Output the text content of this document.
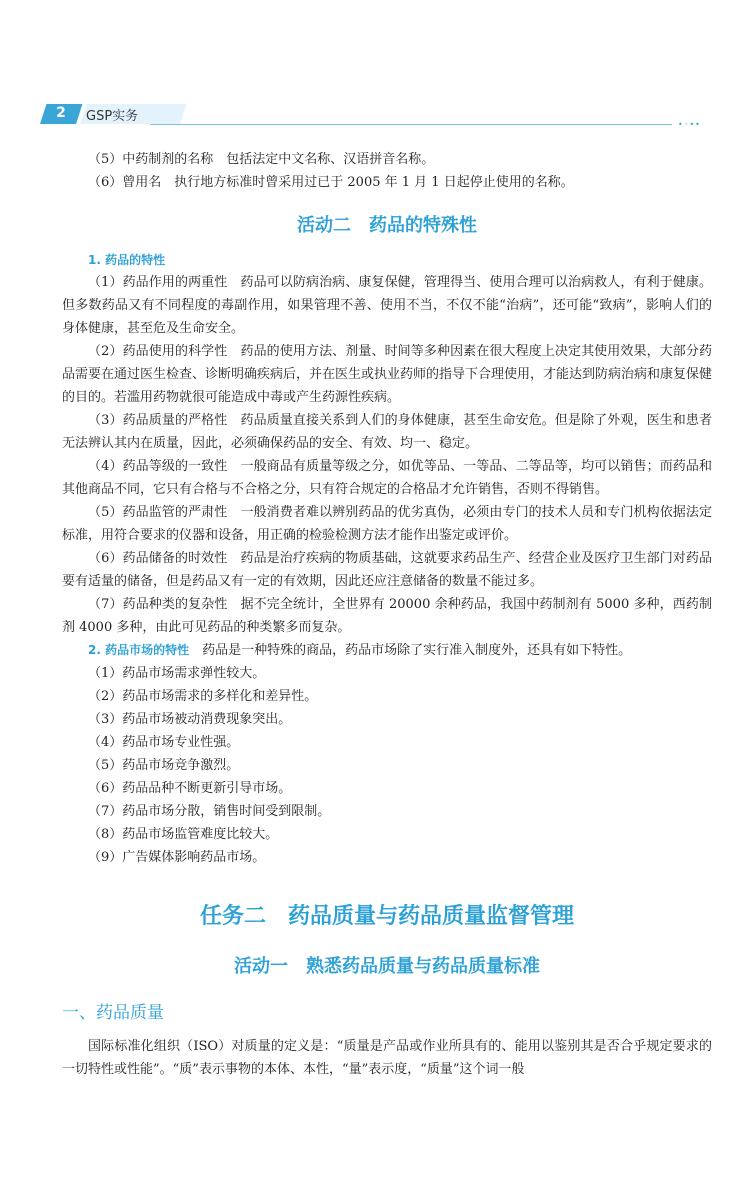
2	GSP实务
•◦••

（5）中药制剂的名称　包括法定中文名称、汉语拼音名称。

（6）曾用名　执行地方标准时曾采用过已于 2005 年 1 月 1 日起停止使用的名称。

活动二　药品的特殊性

1. 药品的特性

（1）药品作用的两重性　药品可以防病治病、康复保健，管理得当、使用合理可以治病救人，有利于健康。但多数药品又有不同程度的毒副作用，如果管理不善、使用不当，不仅不能“治病”，还可能“致病”，影响人们的身体健康，甚至危及生命安全。

（2）药品使用的科学性　药品的使用方法、剂量、时间等多种因素在很大程度上决定其使用效果，大部分药品需要在通过医生检查、诊断明确疾病后，并在医生或执业药师的指导下合理使用，才能达到防病治病和康复保健的目的。若滥用药物就很可能造成中毒或产生药源性疾病。

（3）药品质量的严格性　药品质量直接关系到人们的身体健康，甚至生命安危。但是除了外观，医生和患者无法辨认其内在质量，因此，必须确保药品的安全、有效、均一、稳定。

（4）药品等级的一致性　一般商品有质量等级之分，如优等品、一等品、二等品等，均可以销售；而药品和其他商品不同，它只有合格与不合格之分，只有符合规定的合格品才允许销售，否则不得销售。

（5）药品监管的严肃性　一般消费者难以辨别药品的优劣真伪，必须由专门的技术人员和专门机构依据法定标准，用符合要求的仪器和设备，用正确的检验检测方法才能作出鉴定或评价。

（6）药品储备的时效性　药品是治疗疾病的物质基础，这就要求药品生产、经营企业及医疗卫生部门对药品要有适量的储备，但是药品又有一定的有效期，因此还应注意储备的数量不能过多。

（7）药品种类的复杂性　据不完全统计，全世界有 20000 余种药品，我国中药制剂有 5000 多种，西药制剂 4000 多种，由此可见药品的种类繁多而复杂。

2. 药品市场的特性　药品是一种特殊的商品，药品市场除了实行准入制度外，还具有如下特性。

（1）药品市场需求弹性较大。

（2）药品市场需求的多样化和差异性。

（3）药品市场被动消费现象突出。

（4）药品市场专业性强。

（5）药品市场竞争激烈。

（6）药品品种不断更新引导市场。

（7）药品市场分散，销售时间受到限制。

（8）药品市场监管难度比较大。

（9）广告媒体影响药品市场。

任务二　药品质量与药品质量监督管理
活动一　熟悉药品质量与药品质量标准
一、药品质量

国际标准化组织（ISO）对质量的定义是：“质量是产品或作业所具有的、能用以鉴别其是否合乎规定要求的一切特性或性能”。“质”表示事物的本体、本性，“量”表示度，“质量”这个词一般
